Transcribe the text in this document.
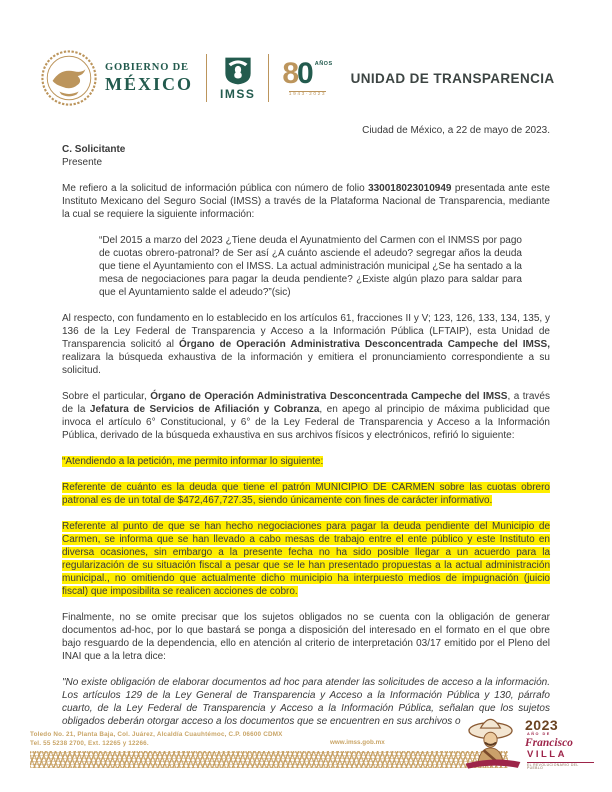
GOBIERNO DE
MÉXICO IMSS
8 0 AÑOS
1943·2023
UNIDAD DE TRANSPARENCIA
Ciudad de México, a 22 de mayo de 2023.
C. Solicitante
Presente

Me refiero a la solicitud de información pública con número de folio 330018023010949 presentada ante este Instituto Mexicano del Seguro Social (IMSS) a través de la Plataforma Nacional de Transparencia, mediante la cual se requiere la siguiente información:

“Del 2015 a marzo del 2023 ¿Tiene deuda el Ayunatmiento del Carmen con el INMSS por pago de cuotas obrero-patronal? de Ser así ¿A cuánto asciende el adeudo? segregar años la deuda que tiene el Ayuntamiento con el IMSS. La actual administración municipal ¿Se ha sentado a la mesa de negociaciones para pagar la deuda pendiente? ¿Existe algún plazo para saldar para que el Ayuntamiento salde el adeudo?”(sic)

Al respecto, con fundamento en lo establecido en los artículos 61, fracciones II y V; 123, 126, 133, 134, 135, y 136 de la Ley Federal de Transparencia y Acceso a la Información Pública (LFTAIP), esta Unidad de Transparencia solicitó al Órgano de Operación Administrativa Desconcentrada Campeche del IMSS, realizara la búsqueda exhaustiva de la información y emitiera el pronunciamiento correspondiente a su solicitud.

Sobre el particular, Órgano de Operación Administrativa Desconcentrada Campeche del IMSS, a través de la Jefatura de Servicios de Afiliación y Cobranza, en apego al principio de máxima publicidad que invoca el artículo 6° Constitucional, y 6° de la Ley Federal de Transparencia y Acceso a la Información Pública, derivado de la búsqueda exhaustiva en sus archivos físicos y electrónicos, refirió lo siguiente:

“Atendiendo a la petición, me permito informar lo siguiente:

Referente de cuánto es la deuda que tiene el patrón MUNICIPIO DE CARMEN sobre las cuotas obrero patronal es de un total de $472,467,727.35, siendo únicamente con fines de carácter informativo.

Referente al punto de que se han hecho negociaciones para pagar la deuda pendiente del Municipio de Carmen, se informa que se han llevado a cabo mesas de trabajo entre el ente público y este Instituto en diversa ocasiones, sin embargo a la presente fecha no ha sido posible llegar a un acuerdo para la regularización de su situación fiscal a pesar que se le han presentado propuestas a la actual administración municipal., no omitiendo que actualmente dicho municipio ha interpuesto medios de impugnación (juicio fiscal) que imposibilita se realicen acciones de cobro.

Finalmente, no se omite precisar que los sujetos obligados no se cuenta con la obligación de generar documentos ad-hoc, por lo que bastará se ponga a disposición del interesado en el formato en el que obre bajo resguardo de la dependencia, ello en atención al criterio de interpretación 03/17 emitido por el Pleno del INAI que a la letra dice:

"No existe obligación de elaborar documentos ad hoc para atender las solicitudes de acceso a la información. Los artículos 129 de la Ley General de Transparencia y Acceso a la Información Pública y 130, párrafo cuarto, de la Ley Federal de Transparencia y Acceso a la Información Pública, señalan que los sujetos obligados deberán otorgar acceso a los documentos que se encuentren en sus archivos o

Toledo No. 21, Planta Baja, Col. Juárez, Alcaldía Cuauhtémoc, C.P. 06600 CDMX
Tel. 55 5238 2700, Ext. 12265 y 12266.	www.imss.gob.mx
2023
AÑO DE
Francisco
VILLA
EL REVOLUCIONARIO DEL PUEBLO
